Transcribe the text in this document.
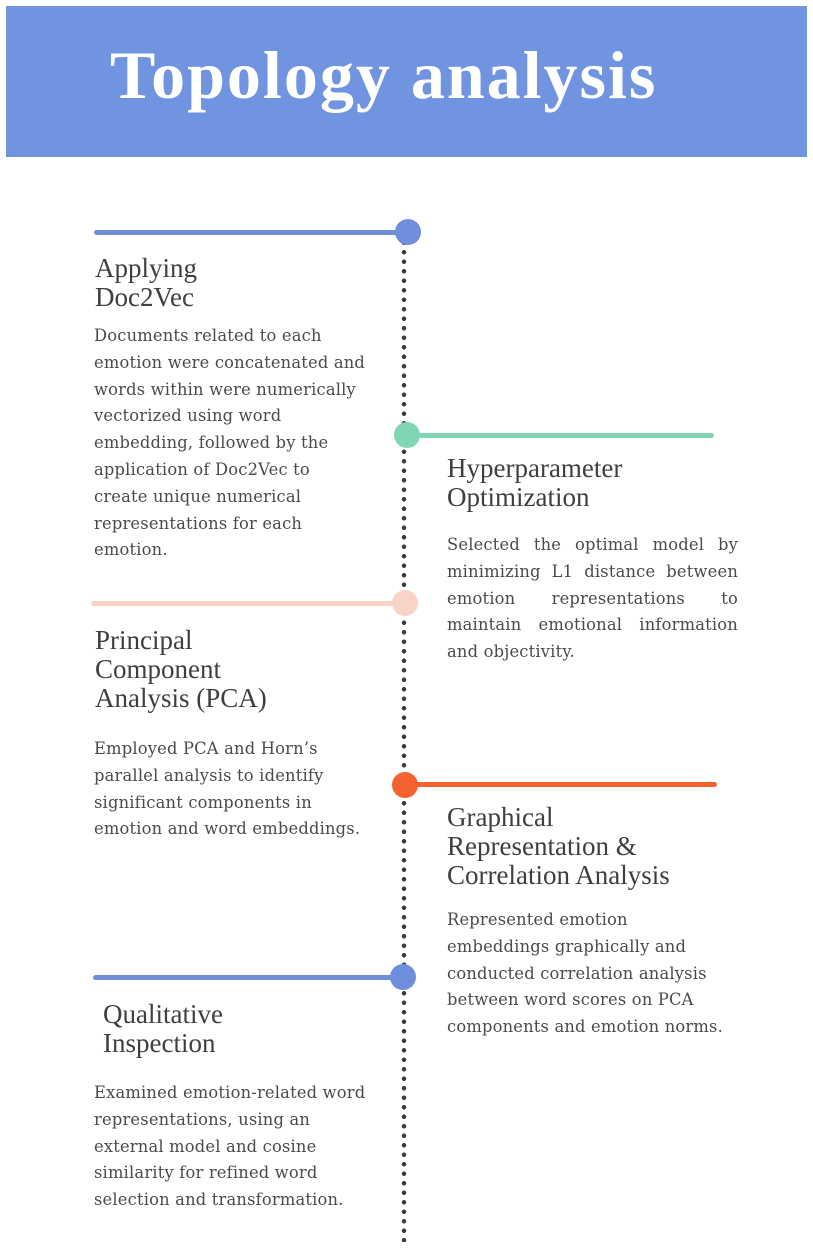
Topology analysis
Applying
Doc2Vec
Documents related to each
emotion were concatenated and
words within were numerically
vectorized using word
embedding, followed by the
application of Doc2Vec to
create unique numerical
representations for each
emotion.
Hyperparameter
Optimization
Selected the optimal model by minimizing L1 distance between emotion representations to maintain emotional information and objectivity.
Principal
Component
Analysis (PCA)
Employed PCA and Horn’s
parallel analysis to identify
significant components in
emotion and word embeddings.	Graphical
Representation &
Correlation Analysis
Represented emotion
embeddings graphically and
conducted correlation analysis
between word scores on PCA
components and emotion norms.
Qualitative
Inspection
Examined emotion-related word
representations, using an
external model and cosine
similarity for refined word
selection and transformation.
